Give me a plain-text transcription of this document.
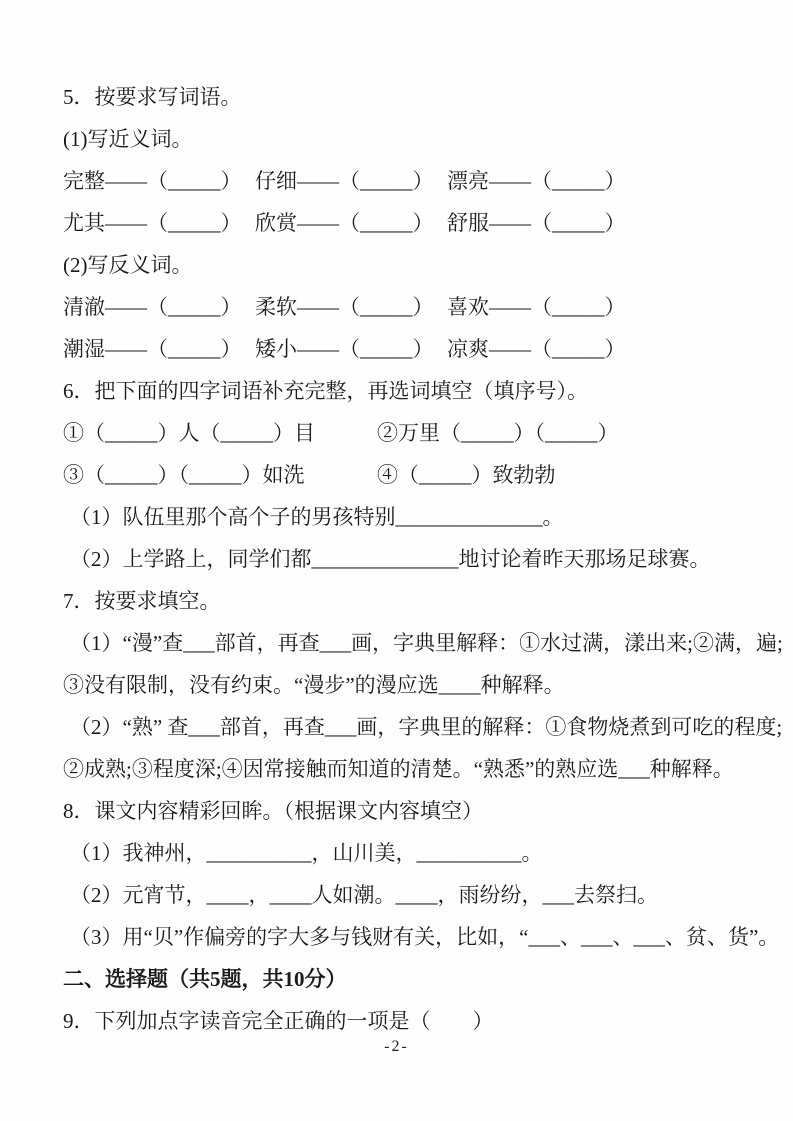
5．按要求写词语。
(1)写近义词。
完整——（_____） 仔细——（_____） 漂亮——（_____）
尤其——（_____） 欣赏——（_____） 舒服——（_____）
(2)写反义词。
清澈——（_____） 柔软——（_____） 喜欢——（_____）
潮湿——（_____） 矮小——（_____） 凉爽——（_____）
6．把下面的四字词语补充完整，再选词填空（填序号）。
①（_____）人（_____）目	②万里（_____）（_____）
③（_____）（_____）如洗	④（_____）致勃勃
（1）队伍里那个高个子的男孩特别______________。
（2）上学路上，同学们都______________地讨论着昨天那场足球赛。
7．按要求填空。
（1）“漫”查___部首，再查___画，字典里解释：①水过满，漾出来;②满，遍;
③没有限制，没有约束。“漫步”的漫应选____种解释。
（2）“熟” 查___部首，再查___画，字典里的解释：①食物烧煮到可吃的程度;
②成熟;③程度深;④因常接触而知道的清楚。“熟悉”的熟应选___种解释。
8．课文内容精彩回眸。（根据课文内容填空）
（1）我神州，__________，山川美，__________。
（2）元宵节，____，____人如潮。____，雨纷纷，___去祭扫。
（3）用“贝”作偏旁的字大多与钱财有关，比如，“___、___、___、贫、货”。
二、选择题（共5题，共10分）
9．下列加点字读音完全正确的一项是（　　）
-2-
